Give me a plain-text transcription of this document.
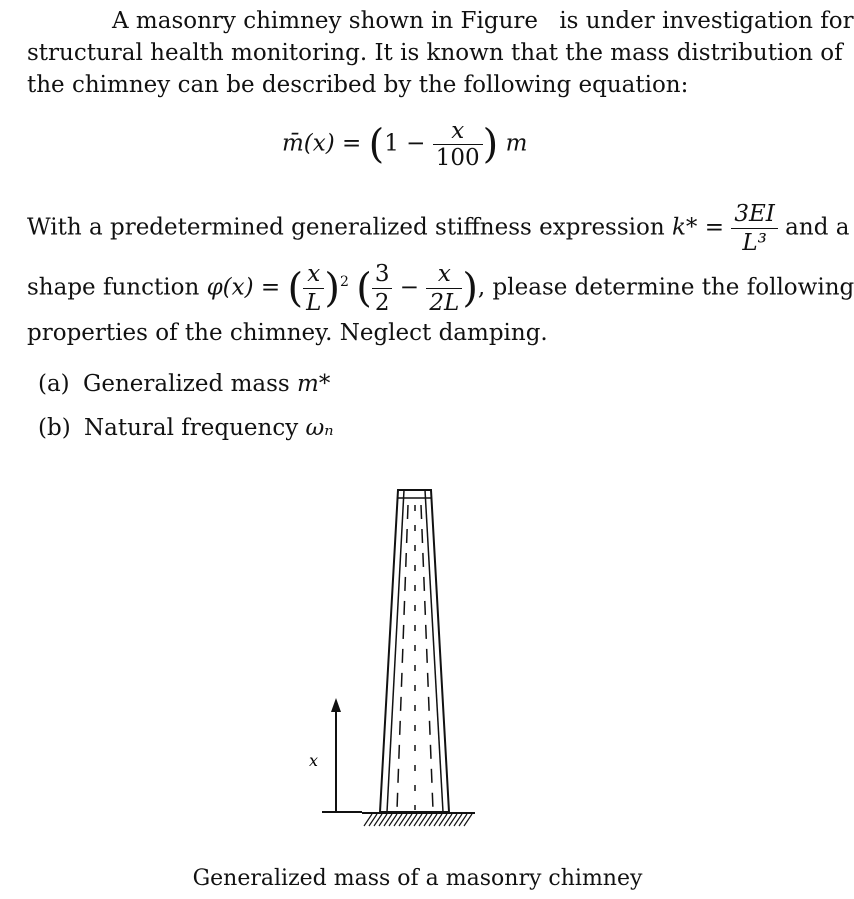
A masonry chimney shown in Figure is under investigation for
structural health monitoring. It is known that the mass distribution of
the chimney can be described by the following equation:
m̄(x) = ($1 - \frac{x}{100}$ ) m
With a predetermined generalized stiffness expression $k* = \frac{3EI}{\text{L³}}$ and a
shape function φ(x) = ( $\frac{x}{L} )^2$ ( $\frac{3}{2} - \frac{x}{2L}$ ), please determine the following
properties of the chimney. Neglect damping.
(a) Generalized mass m*
(b) Natural frequency ωₙ
x
Generalized mass of a masonry chimney
